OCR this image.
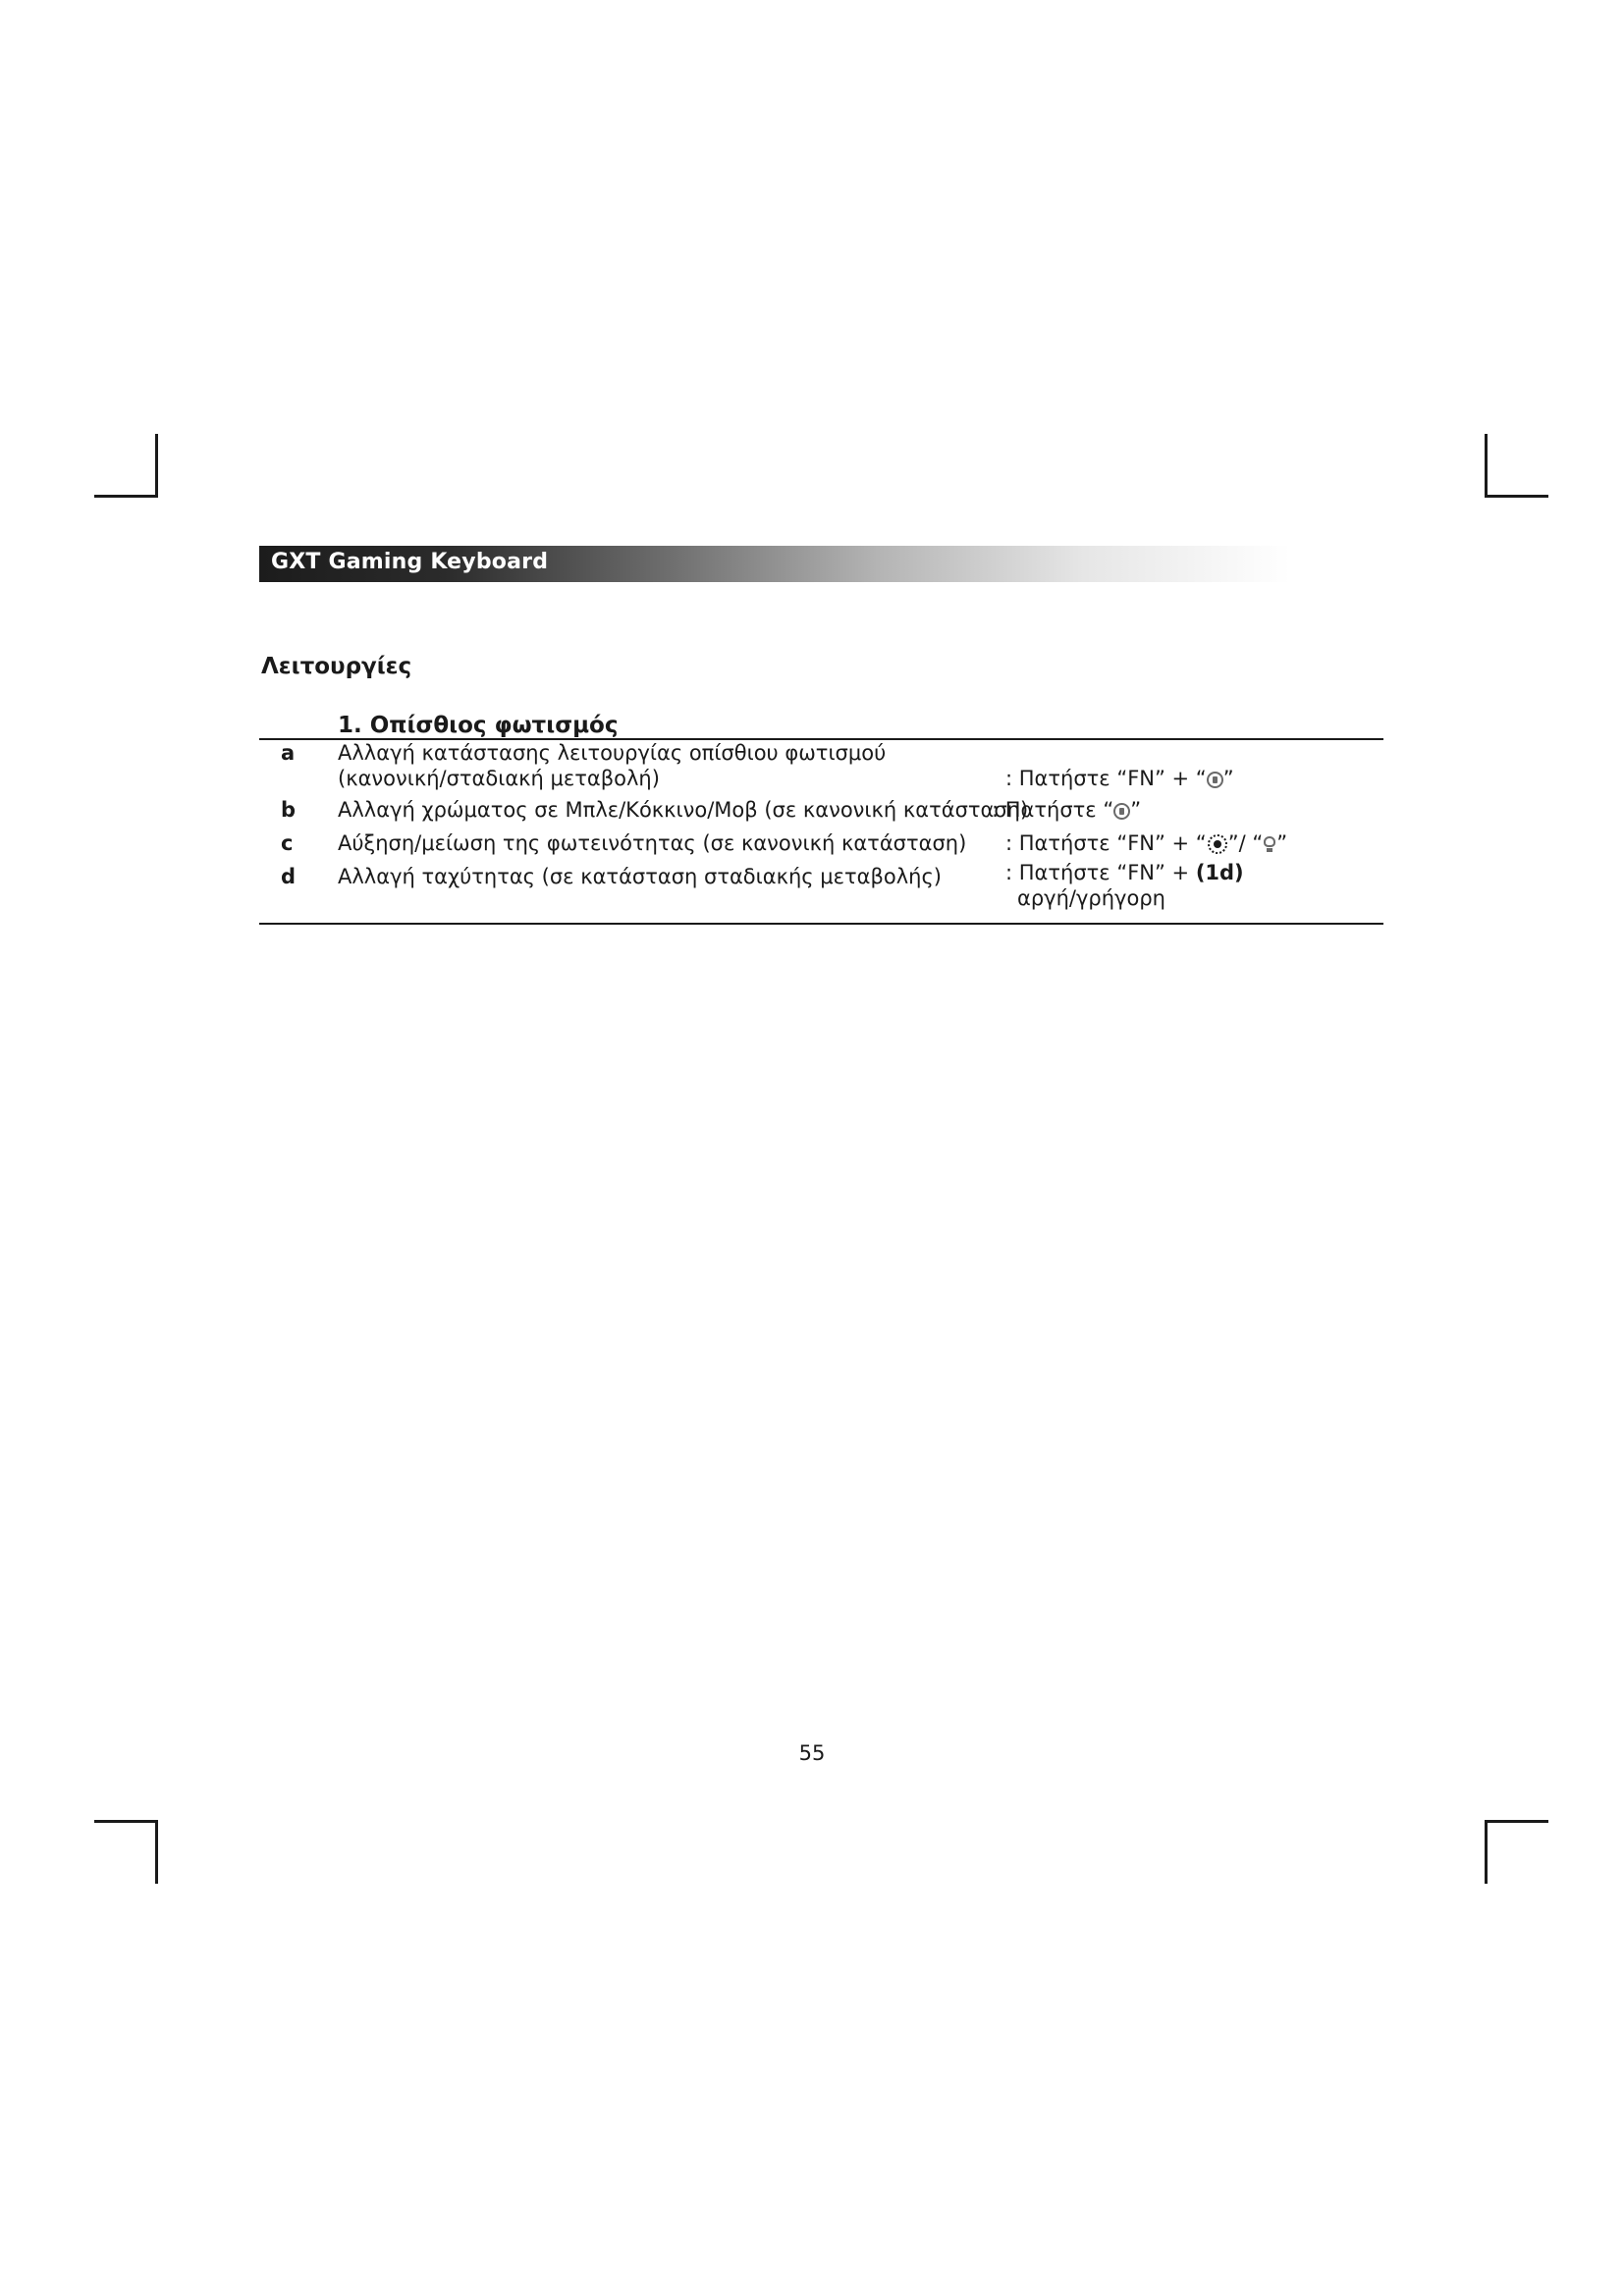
GXT Gaming Keyboard
Λειτουργίες
1. Οπίσθιος φωτισμός
a Αλλαγή κατάστασης λειτουργίας οπίσθιου φωτισμού
(κανονική/σταδιακή μεταβολή)	: Πατήστε “FN” + “ ”
b Αλλαγή χρώματος σε Μπλε/Κόκκινο/Μοβ (σε κανονική κατάσταση)
: Πατήστε “ ”
c Αύξηση/μείωση της φωτεινότητας (σε κανονική κατάσταση) : Πατήστε “FN” + “ ”/ “ ”
d Αλλαγή ταχύτητας (σε κατάσταση σταδιακής μεταβολής)	: Πατήστε “FN” + (1d)
αργή/γρήγορη
55
